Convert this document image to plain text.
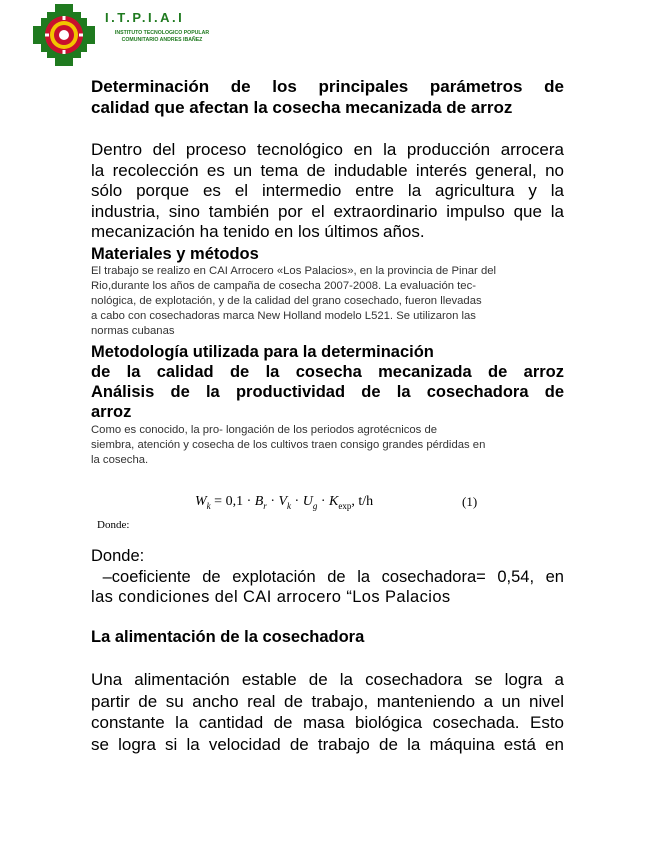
I.T.P.I.A.I
INSTITUTO TECNOLOGICO POPULAR
COMUNITARIO ANDRES IBAÑEZ
Determinación de los principales parámetros de
calidad que afectan la cosecha mecanizada de arroz
Dentro del proceso tecnológico en la producción arrocera
la recolección es un tema de indudable interés general, no
sólo porque es el intermedio entre la agricultura y la
industria, sino también por el extraordinario impulso que la
mecanización ha tenido en los últimos años.
Materiales y métodos
El trabajo se realizo en CAI Arrocero «Los Palacios», en la provincia de Pinar del
Rio,durante los años de campaña de cosecha 2007-2008. La evaluación tec-
nológica, de explotación, y de la calidad del grano cosechado, fueron llevadas
a cabo con cosechadoras marca New Holland modelo L521. Se utilizaron las
normas cubanas
Metodología utilizada para la determinación
de la calidad de la cosecha mecanizada de arroz
Análisis de la productividad de la cosechadora de
arroz
Como es conocido, la pro- longación de los periodos agrotécnicos de
siembra, atención y cosecha de los cultivos traen consigo grandes pérdidas en
la cosecha.
$W_k = 0,1 \cdot B_r \cdot V_k \cdot U_g \cdot K_{exp}$, t/h	(1)
Donde:
Donde:
–coeficiente de explotación de la cosechadora= 0,54, en
las condiciones del CAI arrocero “Los Palacios
La alimentación de la cosechadora
Una alimentación estable de la cosechadora se logra a
partir de su ancho real de trabajo, manteniendo a un nivel
constante la cantidad de masa biológica cosechada. Esto
se logra si la velocidad de trabajo de la máquina está en
